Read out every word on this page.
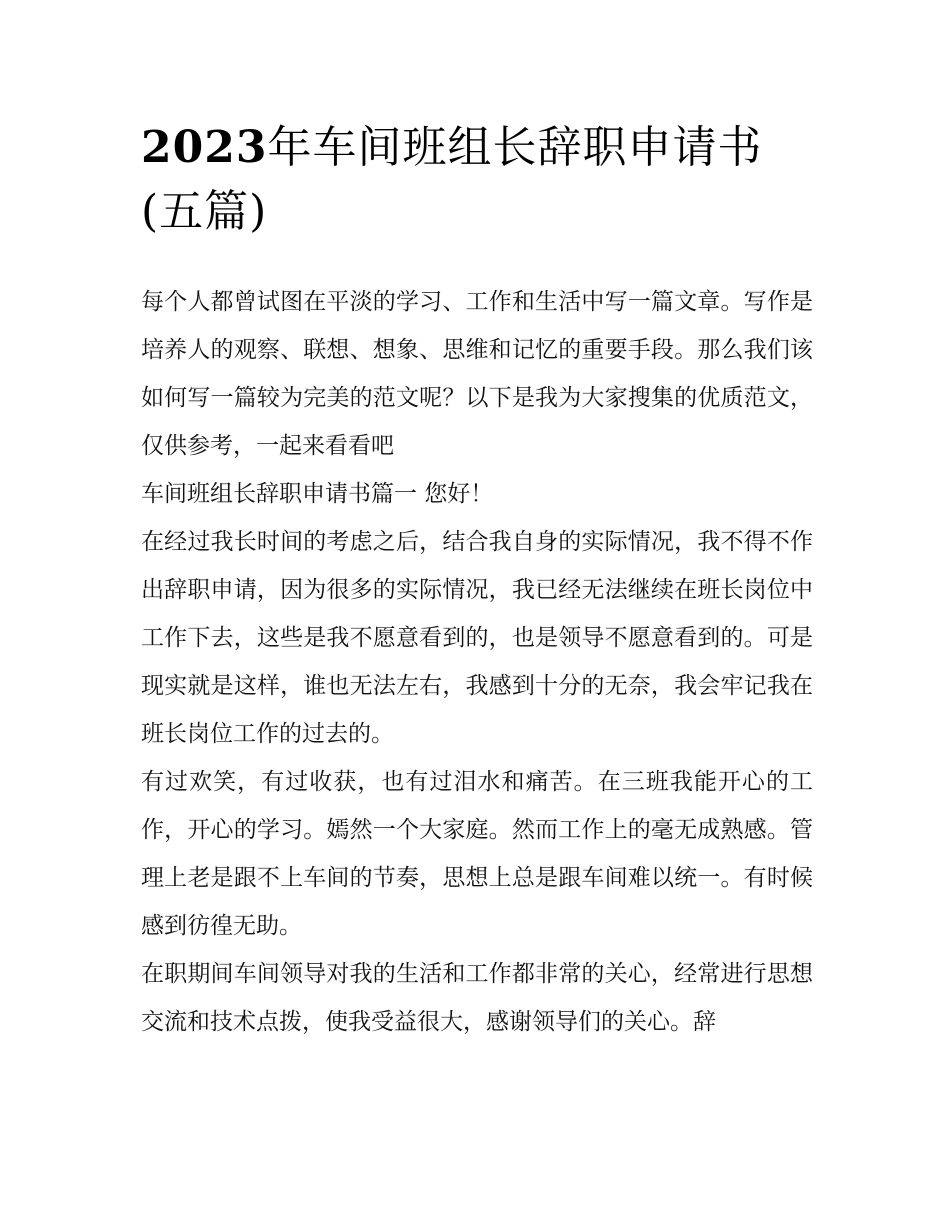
2023年车间班组长辞职申请书(五篇)

每个人都曾试图在平淡的学习、工作和生活中写一篇文章。写作是培养人的观察、联想、想象、思维和记忆的重要手段。那么我们该如何写一篇较为完美的范文呢？以下是我为大家搜集的优质范文，仅供参考，一起来看看吧

车间班组长辞职申请书篇一 您好！

在经过我长时间的考虑之后，结合我自身的实际情况，我不得不作出辞职申请，因为很多的实际情况，我已经无法继续在班长岗位中工作下去，这些是我不愿意看到的，也是领导不愿意看到的。可是现实就是这样，谁也无法左右，我感到十分的无奈，我会牢记我在班长岗位工作的过去的。

有过欢笑，有过收获，也有过泪水和痛苦。在三班我能开心的工作，开心的学习。嫣然一个大家庭。然而工作上的毫无成熟感。管理上老是跟不上车间的节奏，思想上总是跟车间难以统一。有时候感到彷徨无助。

在职期间车间领导对我的生活和工作都非常的关心，经常进行思想交流和技术点拨，使我受益很大，感谢领导们的关心。辞
